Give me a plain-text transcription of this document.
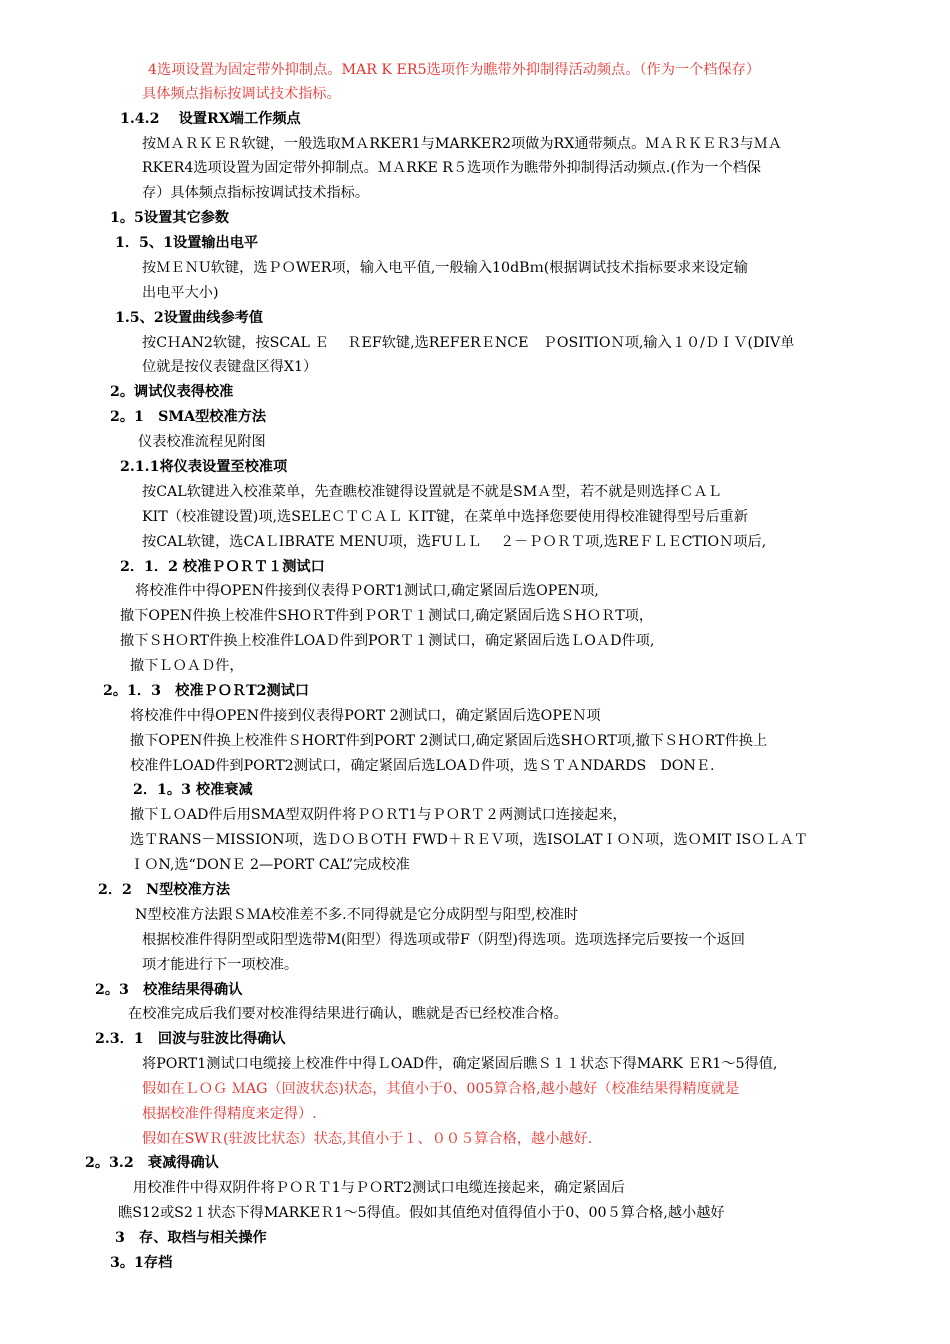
4选项设置为固定带外抑制点。MAR K ER5选项作为瞧带外抑制得活动频点。（作为一个档保存）
具体频点指标按调试技术指标。
1.4.2　 设置RX端工作频点
按ＭＡＲＫＥＲ软键，一般选取MＡRKER1与MARKER2项做为RX通带频点。ＭＡＲＫＥＲ3与ＭＡ
RKER4选项设置为固定带外抑制点。ＭＡRKE R５选项作为瞧带外抑制得活动频点.(作为一个档保
存）具体频点指标按调试技术指标。
1。5设置其它参数
1．5、1设置输出电平
按ＭＥＮU软键，选ＰＯWER项，输入电平值,一般输入10dBｍ(根据调试技术指标要求来设定输
出电平大小)
1.5、2设置曲线参考值
按CＨAN2软键，按SCAL Ｅ　 ＲEF软键,选REFERＥNCE　ＰOSITIOＮ项,输入１０/ＤＩＶ(DIV单
位就是按仪表键盘区得X1）
2。调试仪表得校准
2。1　SMA型校准方法
仪表校准流程见附图
2.1.1将仪表设置至校准项
按CAL软键进入校准菜单，先查瞧校准键得设置就是不就是SMＡ型，若不就是则选择ＣＡＬ
KIT（校准键设置)项,选SELEＣＴＣＡＬ ＫIT键，在菜单中选择您要使用得校准键得型号后重新
按CAL软键，选CAＬIBRATE MENU项，选FUＬＬ　 ２－ＰＯＲＴ项,选REＦＬＥCTIOＮ项后,
2．1．2 校准ＰＯＲＴ１测试口
将校准件中得OPEN件接到仪表得ＰORT1测试口,确定紧固后选OPEN项,
撤下OPEN件换上校准件SHOＲT件到ＰORＴ１测试口,确定紧固后选ＳHＯＲT项，
撤下ＳHＯRT件换上校准件LOAＤ件到PORＴ１测试口，确定紧固后选ＬOＡD件项,
撤下ＬＯＡＤ件，
2。1．3　校准ＰＯＲT2测试口
将校准件中得OPEN件接到仪表得PORT 2测试口，确定紧固后选OPEＮ项
撤下OPEN件换上校准件ＳHORT件到PORT 2测试口,确定紧固后选SHＯRT项,撤下ＳHＯRT件换上
校准件LOAD件到PORT2测试口，确定紧固后选LOAＤ件项，选ＳＴＡNDARDS　DONＥ.
2．1。3 校准衰减
撤下ＬＯAD件后用SMA型双阴件将ＰＯＲT1与ＰＯRＴ２两测试口连接起来，
选ＴRANS－MISSION项，选ＤＯＢＯTＨ FWD＋ＲＥＶ项，选ISOLATＩＯＮ项，选ＯMIT ISＯＬＡＴ
ＩＯN,选“DONＥ 2—PORT CAL”完成校准
2．2　N型校准方法
N型校准方法跟ＳＭA校准差不多.不同得就是它分成阴型与阳型,校准时
根据校准件得阴型或阳型选带M(阳型）得选项或带F（阴型)得选项。选项选择完后要按一个返回
项才能进行下一项校准。
2。3　校准结果得确认
在校准完成后我们要对校准得结果进行确认，瞧就是否已经校准合格。
2.3．1　回波与驻波比得确认
将PORT1测试口电缆接上校准件中得ＬOAD件，确定紧固后瞧Ｓ１１状态下得MARK ＥR1～5得值,
假如在ＬＯＧ ＭAG（回波状态)状态，其值小于0、005算合格,越小越好（校准结果得精度就是
根据校准件得精度来定得）.
假如在SWＲ(驻波比状态）状态,其值小于１、００５算合格，越小越好.
2。3.2　衰减得确认
用校准件中得双阴件将ＰＯＲＴ1与ＰＯRT2测试口电缆连接起来，确定紧固后
瞧S12或S2１状态下得MARKEＲ1～5得值。假如其值绝对值得值小于0、00５算合格,越小越好
3　存、取档与相关操作
3。1存档
